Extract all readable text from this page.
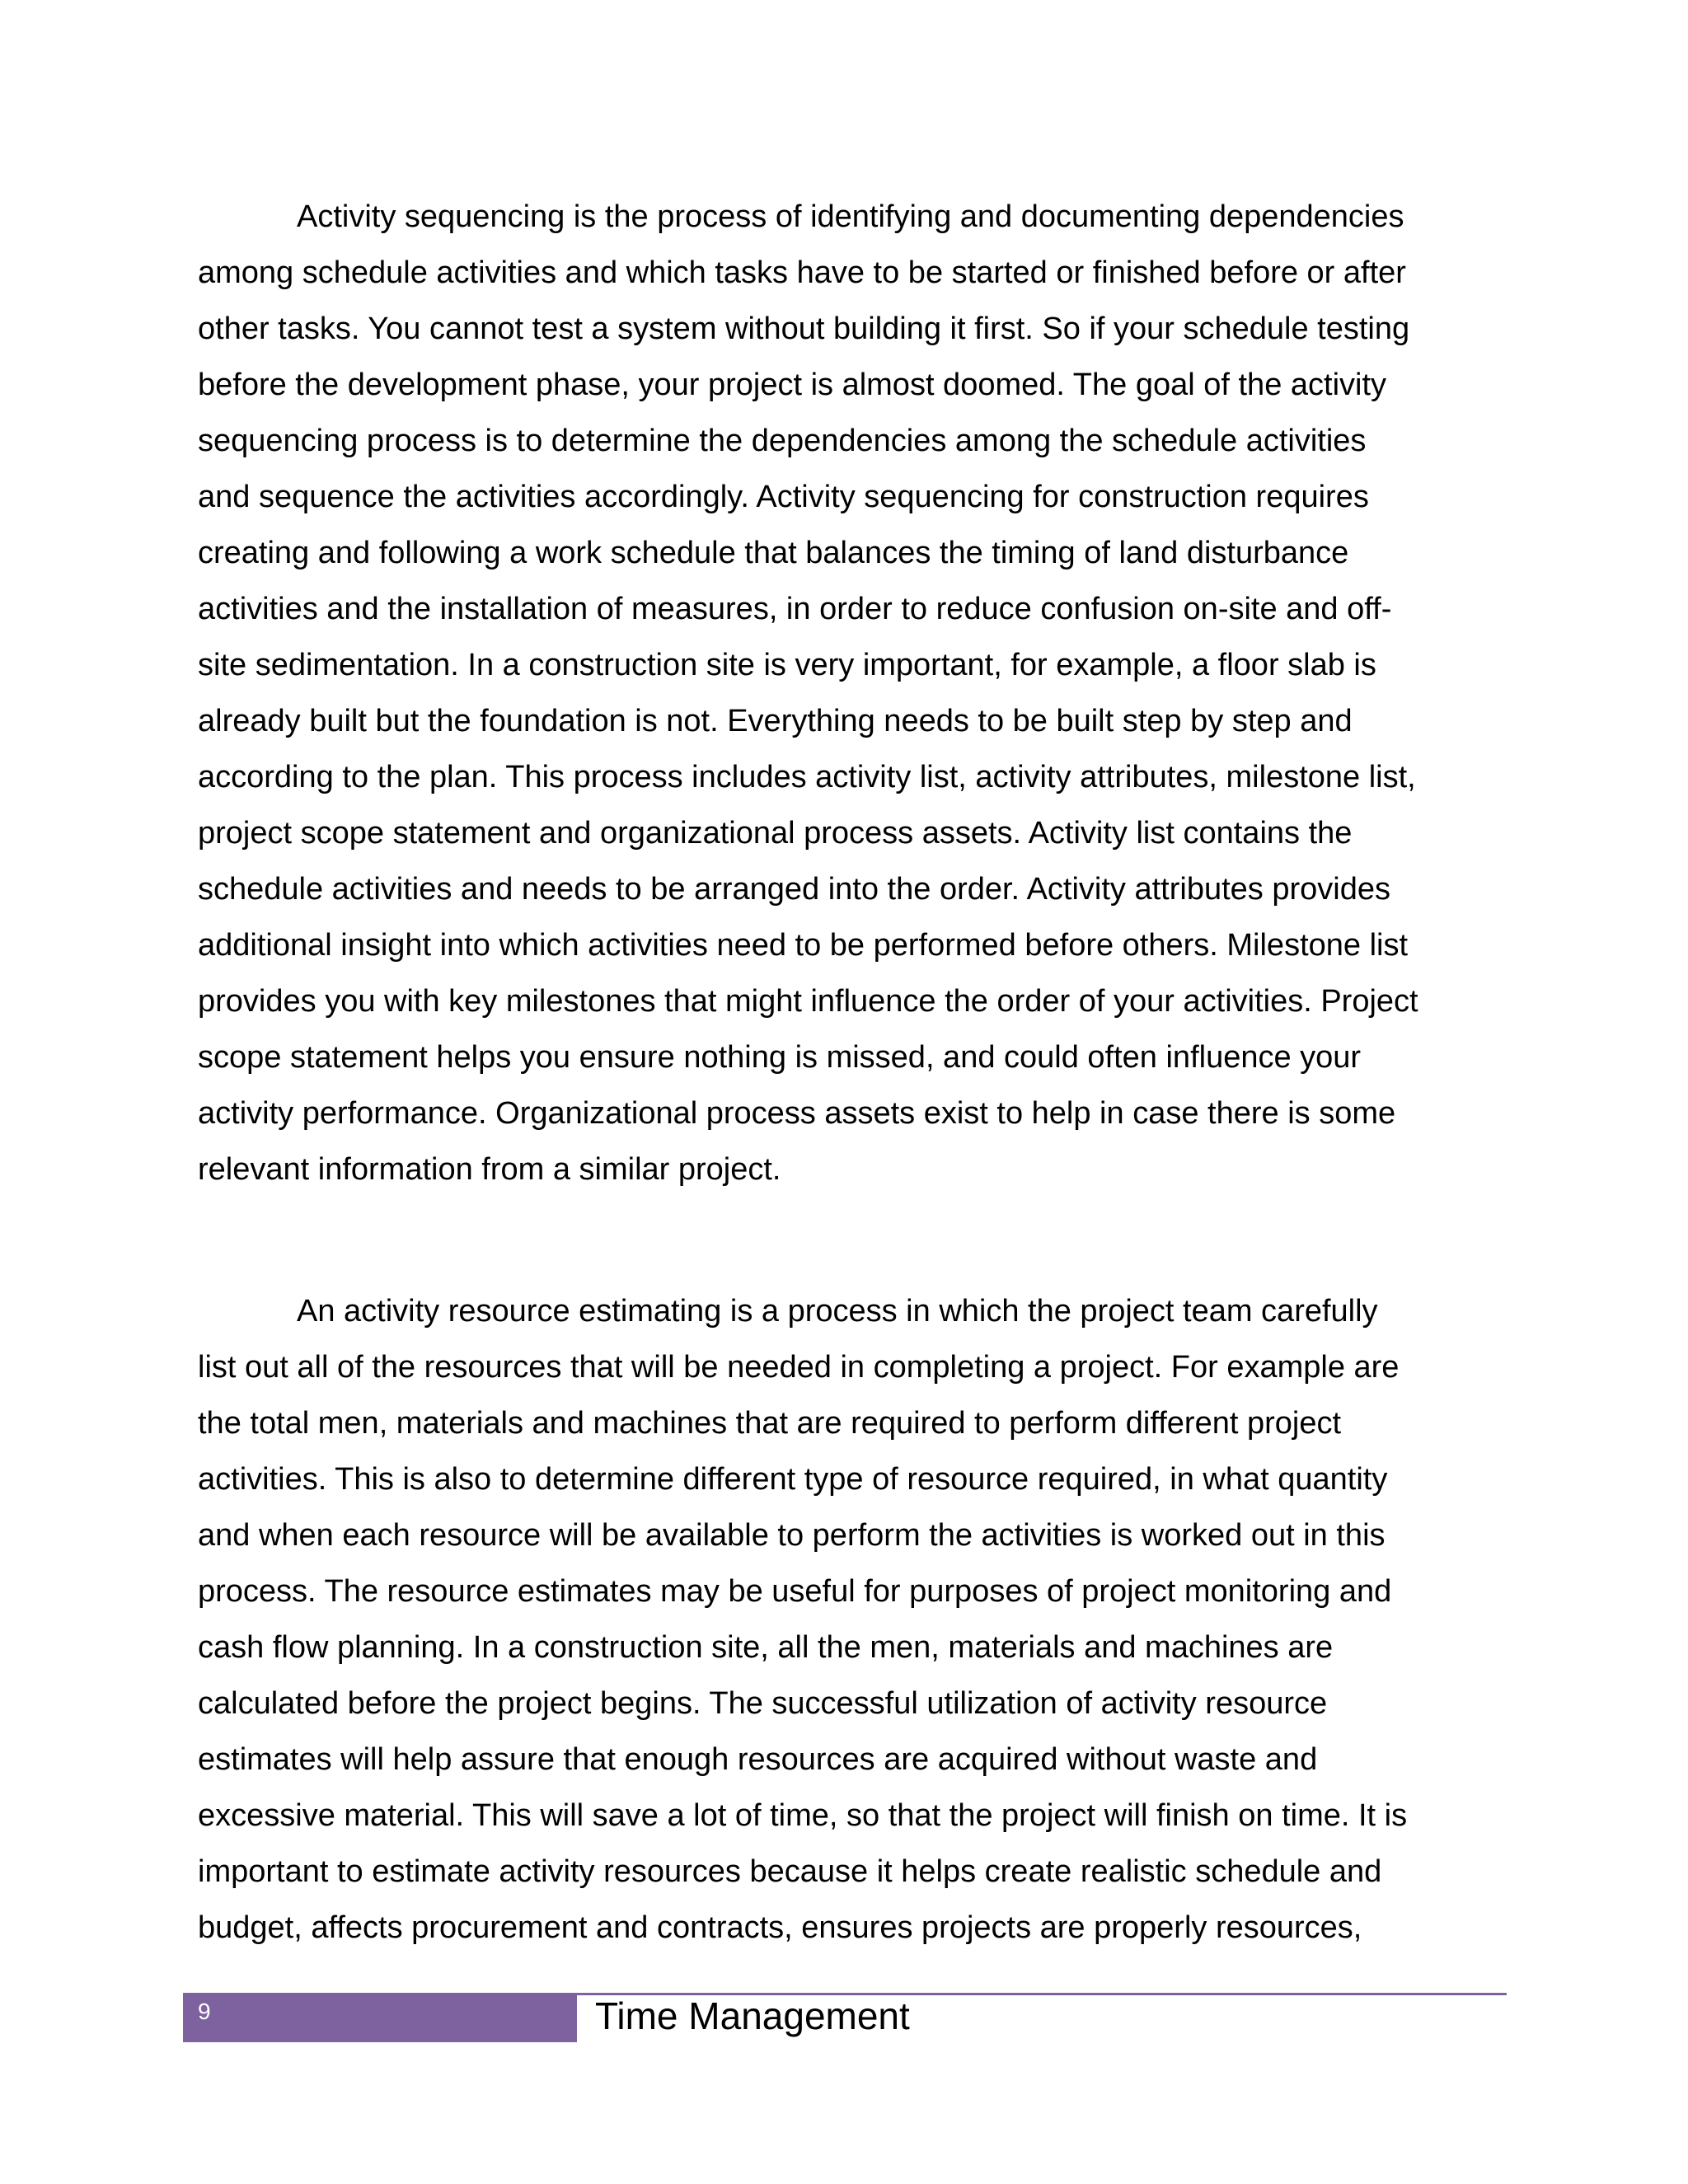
Activity sequencing is the process of identifying and documenting dependencies
among schedule activities and which tasks have to be started or finished before or after
other tasks. You cannot test a system without building it first. So if your schedule testing
before the development phase, your project is almost doomed. The goal of the activity
sequencing process is to determine the dependencies among the schedule activities
and sequence the activities accordingly. Activity sequencing for construction requires
creating and following a work schedule that balances the timing of land disturbance
activities and the installation of measures, in order to reduce confusion on-site and off-
site sedimentation. In a construction site is very important, for example, a floor slab is
already built but the foundation is not. Everything needs to be built step by step and
according to the plan. This process includes activity list, activity attributes, milestone list,
project scope statement and organizational process assets. Activity list contains the
schedule activities and needs to be arranged into the order. Activity attributes provides
additional insight into which activities need to be performed before others. Milestone list
provides you with key milestones that might influence the order of your activities. Project
scope statement helps you ensure nothing is missed, and could often influence your
activity performance. Organizational process assets exist to help in case there is some
relevant information from a similar project.
An activity resource estimating is a process in which the project team carefully
list out all of the resources that will be needed in completing a project. For example are
the total men, materials and machines that are required to perform different project
activities. This is also to determine different type of resource required, in what quantity
and when each resource will be available to perform the activities is worked out in this
process. The resource estimates may be useful for purposes of project monitoring and
cash flow planning. In a construction site, all the men, materials and machines are
calculated before the project begins. The successful utilization of activity resource
estimates will help assure that enough resources are acquired without waste and
excessive material. This will save a lot of time, so that the project will finish on time. It is
important to estimate activity resources because it helps create realistic schedule and
budget, affects procurement and contracts, ensures projects are properly resources,
9	Time Management
